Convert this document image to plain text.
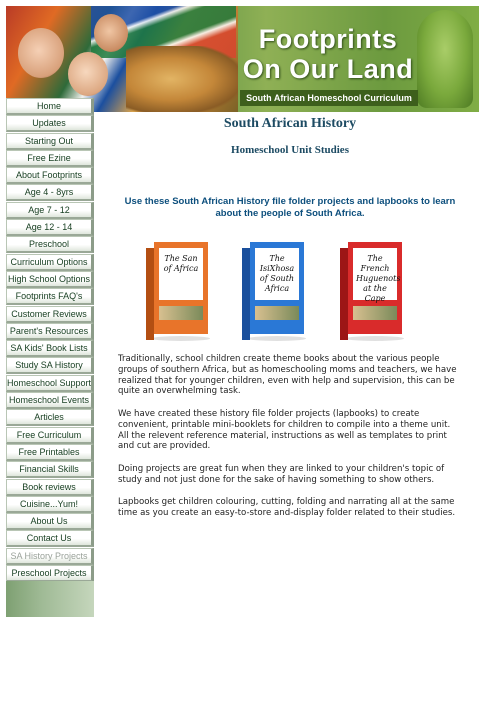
Footprints On Our Land
South African Homeschool Curriculum
Home
Updates
Starting Out
Free Ezine
About Footprints
Age 4 - 8yrs
Age 7 - 12
Age 12 - 14
Preschool
Curriculum Options
High School Options
Footprints FAQ's
Customer Reviews
Parent's Resources
SA Kids' Book Lists
Study SA History
Homeschool Support
Homeschool Events
Articles
Free Curriculum
Free Printables
Financial Skills
Book reviews
Cuisine...Yum!
About Us
Contact Us
SA History Projects
Preschool Projects
South African History
Homeschool Unit Studies
Use these South African History file folder projects and lapbooks to learn about the people of South Africa.
The San of Africa
The IsiXhosa of South Africa
The French Huguenots at the Cape

Traditionally, school children create theme books about the various people groups of southern Africa, but as homeschooling moms and teachers, we have realized that for younger children, even with help and supervision, this can be quite an overwhelming task.

We have created these history file folder projects (lapbooks) to create convenient, printable mini-booklets for children to compile into a theme unit. All the relevent reference material, instructions as well as templates to print and cut are provided.

Doing projects are great fun when they are linked to your children's topic of study and not just done for the sake of having something to show others.

Lapbooks get children colouring, cutting, folding and narrating all at the same time as you create an easy-to-store and-display folder related to their studies.
